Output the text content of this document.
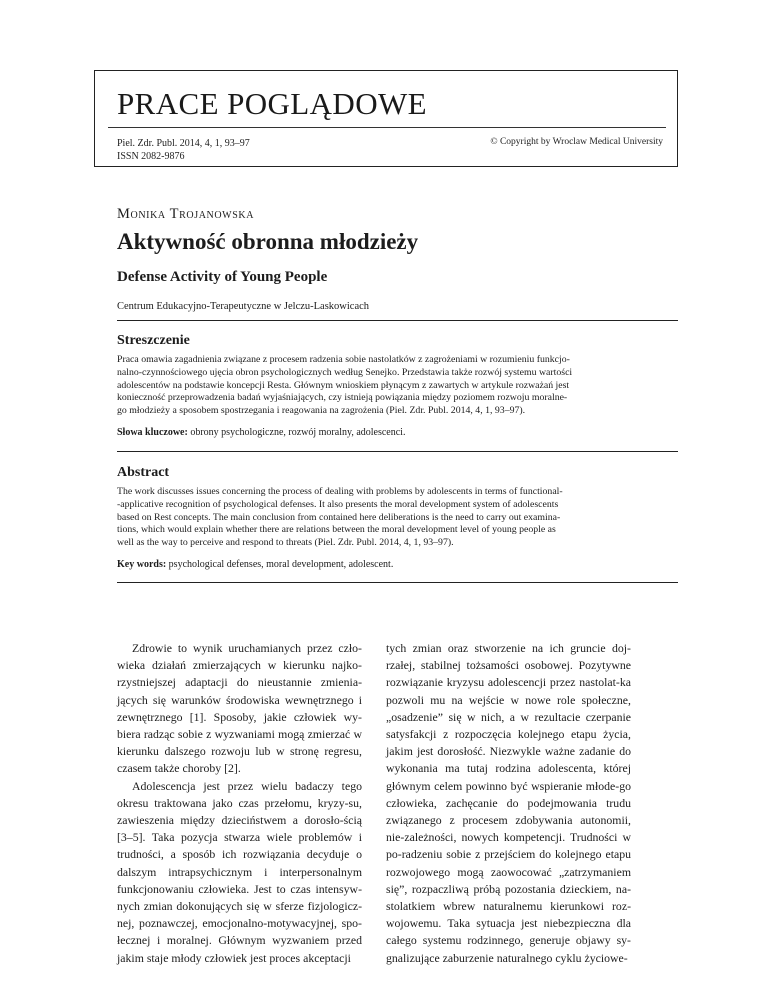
PRACE POGLĄDOWE
Piel. Zdr. Publ. 2014, 4, 1, 93–97
ISSN 2082-9876
© Copyright by Wroclaw Medical University
Monika Trojanowska
Aktywność obronna młodzieży
Defense Activity of Young People
Centrum Edukacyjno-Terapeutyczne w Jelczu-Laskowicach
Streszczenie
Praca omawia zagadnienia związane z procesem radzenia sobie nastolatków z zagrożeniami w rozumieniu funkcjo-
nalno-czynnościowego ujęcia obron psychologicznych według Senejko. Przedstawia także rozwój systemu wartości
adolescentów na podstawie koncepcji Resta. Głównym wnioskiem płynącym z zawartych w artykule rozważań jest
konieczność przeprowadzenia badań wyjaśniających, czy istnieją powiązania między poziomem rozwoju moralne-
go młodzieży a sposobem spostrzegania i reagowania na zagrożenia (Piel. Zdr. Publ. 2014, 4, 1, 93–97).
Słowa kluczowe: obrony psychologiczne, rozwój moralny, adolescenci.
Abstract
The work discusses issues concerning the process of dealing with problems by adolescents in terms of functional-
-applicative recognition of psychological defenses. It also presents the moral development system of adolescents
based on Rest concepts. The main conclusion from contained here deliberations is the need to carry out examina-
tions, which would explain whether there are relations between the moral development level of young people as
well as the way to perceive and respond to threats (Piel. Zdr. Publ. 2014, 4, 1, 93–97).
Key words: psychological defenses, moral development, adolescent.

Zdrowie to wynik uruchamianych przez czło-wieka działań zmierzających w kierunku najko-rzystniejszej adaptacji do nieustannie zmienia-jących się warunków środowiska wewnętrznego i zewnętrznego [1]. Sposoby, jakie człowiek wy-biera radząc sobie z wyzwaniami mogą zmierzać w kierunku dalszego rozwoju lub w stronę regresu, czasem także choroby [2].

Adolescencja jest przez wielu badaczy tego okresu traktowana jako czas przełomu, kryzy-su, zawieszenia między dzieciństwem a dorosło-ścią [3–5]. Taka pozycja stwarza wiele problemów i trudności, a sposób ich rozwiązania decyduje o dalszym intrapsychicznym i interpersonalnym funkcjonowaniu człowieka. Jest to czas intensyw-nych zmian dokonujących się w sferze fizjologicz-nej, poznawczej, emocjonalno-motywacyjnej, spo-łecznej i moralnej. Głównym wyzwaniem przed jakim staje młody człowiek jest proces akceptacji

tych zmian oraz stworzenie na ich gruncie doj-rzałej, stabilnej tożsamości osobowej. Pozytywne rozwiązanie kryzysu adolescencji przez nastolat-ka pozwoli mu na wejście w nowe role społeczne, „osadzenie” się w nich, a w rezultacie czerpanie satysfakcji z rozpoczęcia kolejnego etapu życia, jakim jest dorosłość. Niezwykle ważne zadanie do wykonania ma tutaj rodzina adolescenta, której głównym celem powinno być wspieranie młode-go człowieka, zachęcanie do podejmowania trudu związanego z procesem zdobywania autonomii, nie-zależności, nowych kompetencji. Trudności w po-radzeniu sobie z przejściem do kolejnego etapu rozwojowego mogą zaowocować „zatrzymaniem się”, rozpaczliwą próbą pozostania dzieckiem, na-stolatkiem wbrew naturalnemu kierunkowi roz-wojowemu. Taka sytuacja jest niebezpieczna dla całego systemu rodzinnego, generuje objawy sy-gnalizujące zaburzenie naturalnego cyklu życiowe-
